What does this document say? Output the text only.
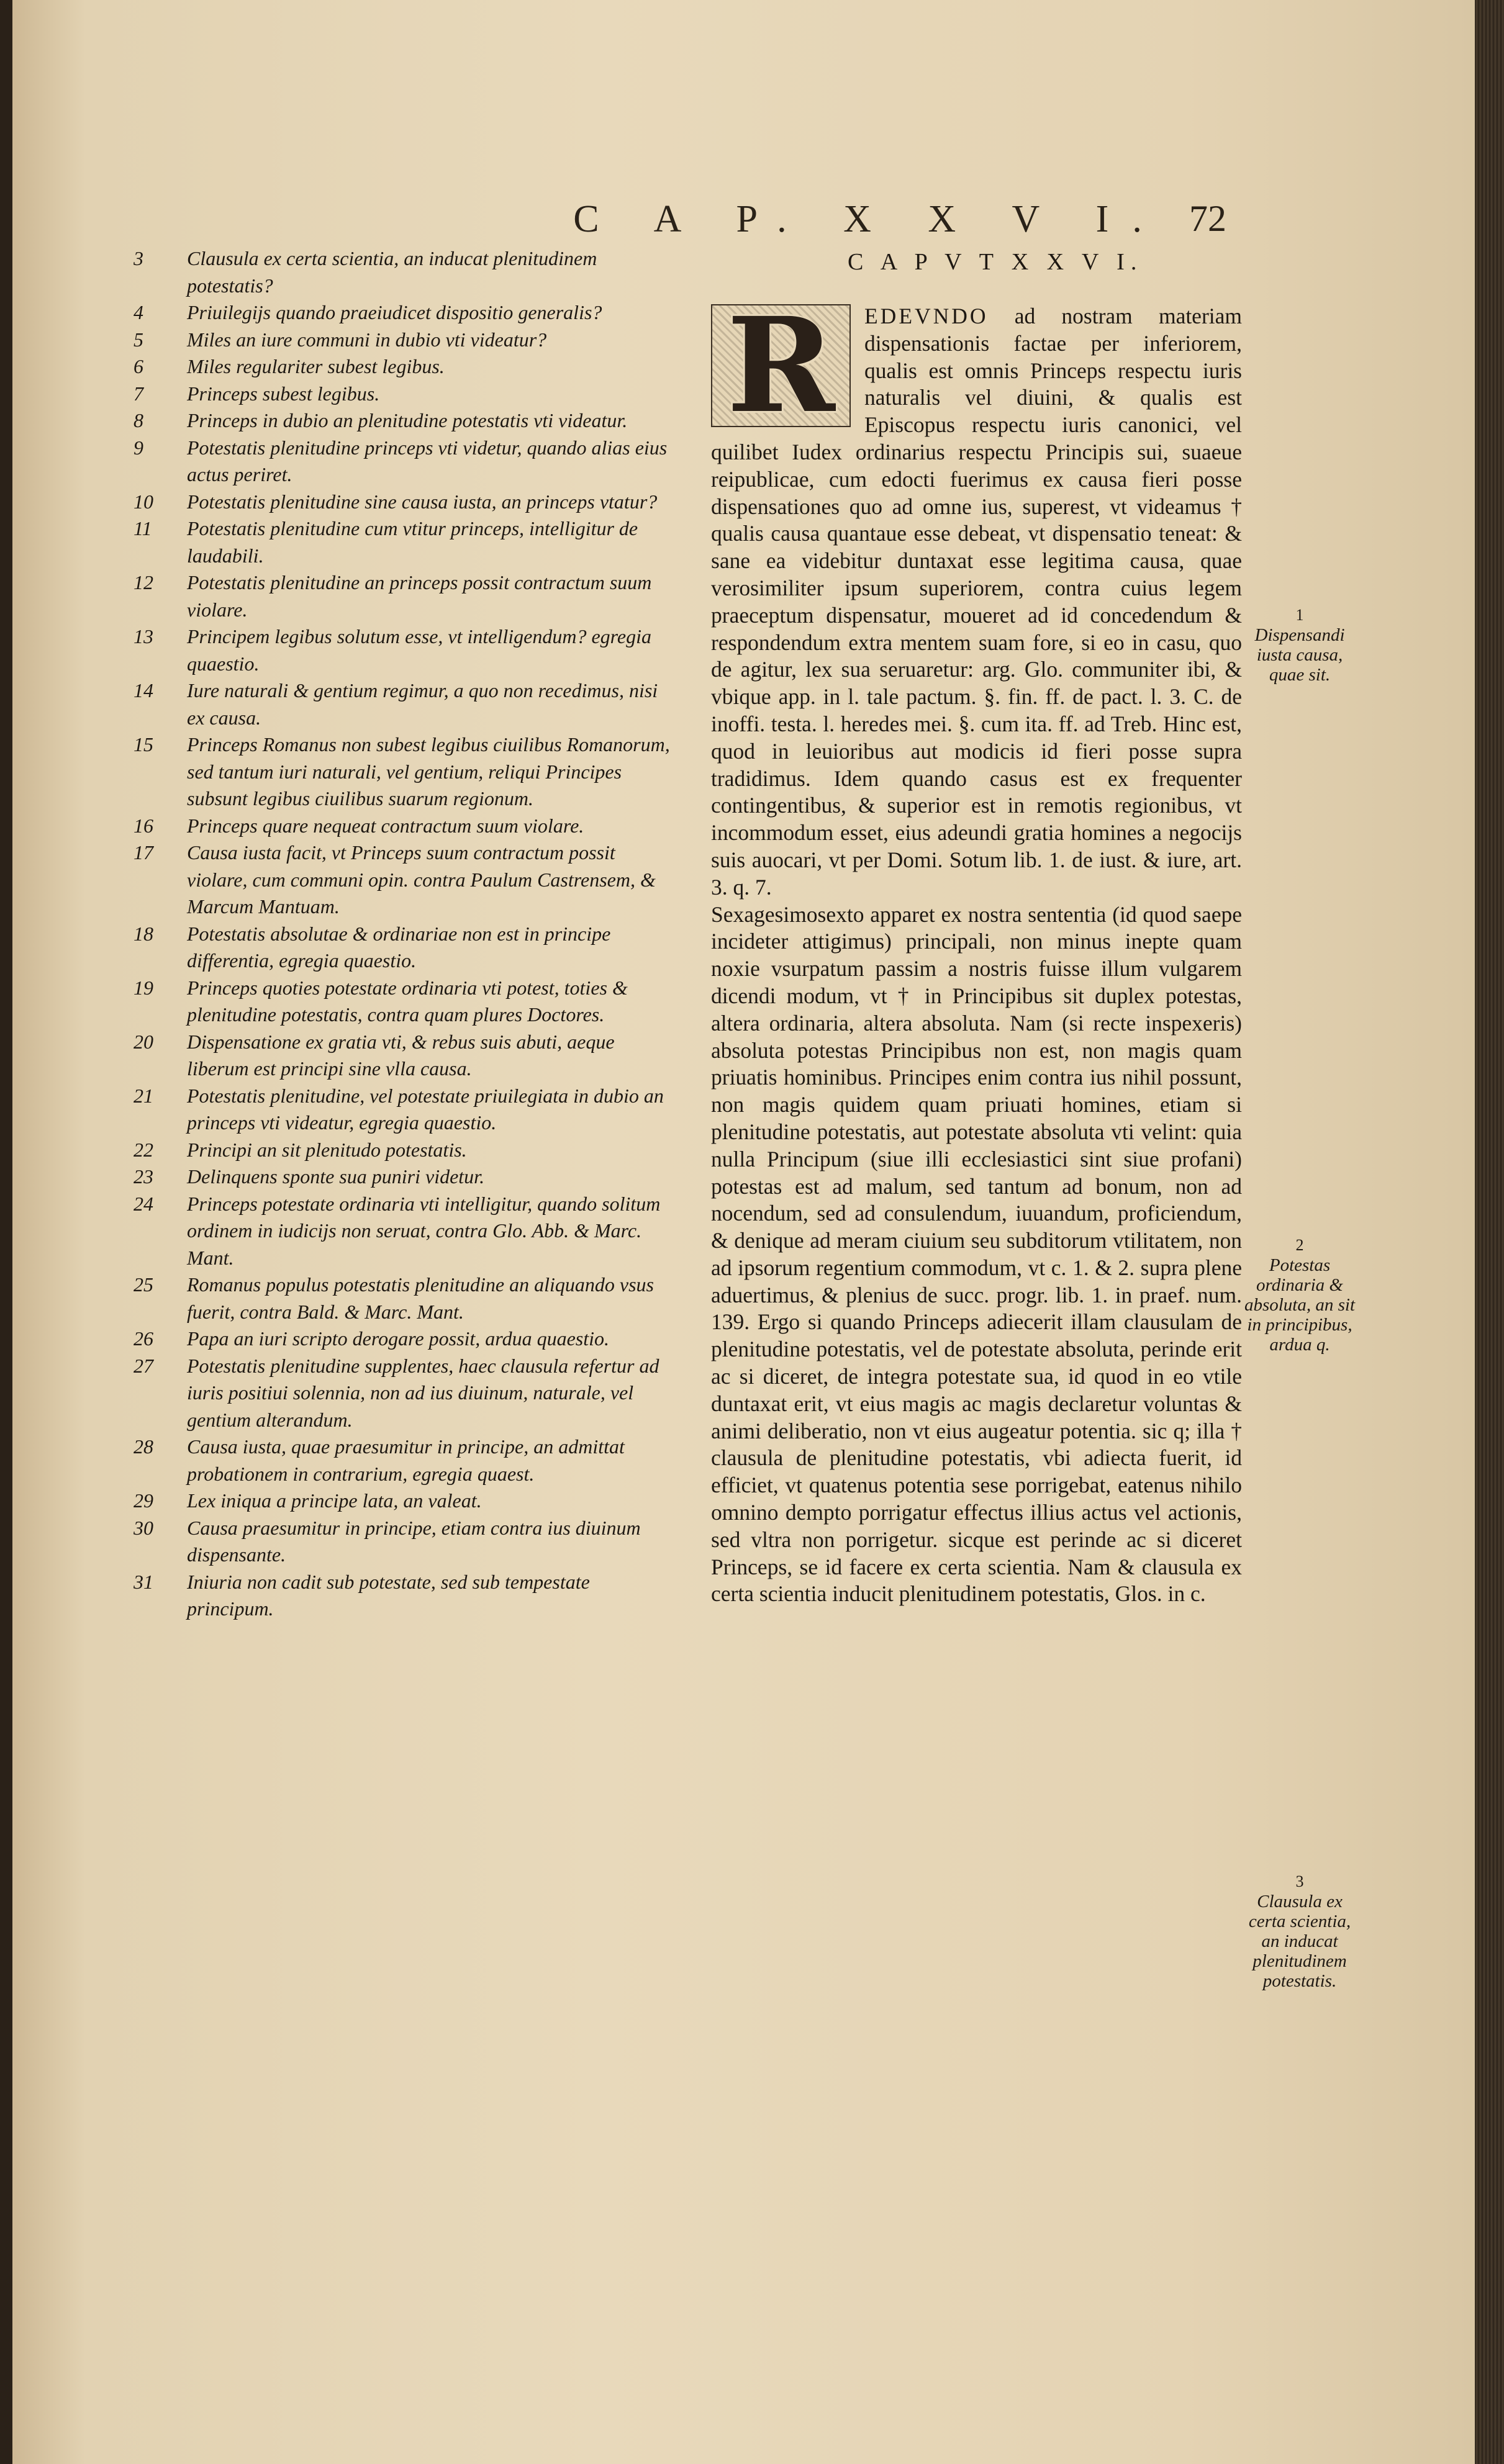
C A P. X X V I. 72
3	Clausula ex certa scientia, an inducat plenitudinem potestatis?
4	Priuilegijs quando praeiudicet dispositio generalis?
5	Miles an iure communi in dubio vti videatur?
6	Miles regulariter subest legibus.
7	Princeps subest legibus.
8	Princeps in dubio an plenitudine potestatis vti videatur.
9	Potestatis plenitudine princeps vti videtur, quando alias eius actus periret.
10	Potestatis plenitudine sine causa iusta, an princeps vtatur?
11	Potestatis plenitudine cum vtitur princeps, intelligitur de laudabili.
12	Potestatis plenitudine an princeps possit contractum suum violare.
13	Principem legibus solutum esse, vt intelligendum? egregia quaestio.
14	Iure naturali & gentium regimur, a quo non recedimus, nisi ex causa.
15	Princeps Romanus non subest legibus ciuilibus Romanorum, sed tantum iuri naturali, vel gentium, reliqui Principes subsunt legibus ciuilibus suarum regionum.
16	Princeps quare nequeat contractum suum violare.
17	Causa iusta facit, vt Princeps suum contractum possit violare, cum communi opin. contra Paulum Castrensem, & Marcum Mantuam.
18	Potestatis absolutae & ordinariae non est in principe differentia, egregia quaestio.
19	Princeps quoties potestate ordinaria vti potest, toties & plenitudine potestatis, contra quam plures Doctores.
20	Dispensatione ex gratia vti, & rebus suis abuti, aeque liberum est principi sine vlla causa.
21	Potestatis plenitudine, vel potestate priuilegiata in dubio an princeps vti videatur, egregia quaestio.
22	Principi an sit plenitudo potestatis.
23	Delinquens sponte sua puniri videtur.
24	Princeps potestate ordinaria vti intelligitur, quando solitum ordinem in iudicijs non seruat, contra Glo. Abb. & Marc. Mant.
25	Romanus populus potestatis plenitudine an aliquando vsus fuerit, contra Bald. & Marc. Mant.
26	Papa an iuri scripto derogare possit, ardua quaestio.
27	Potestatis plenitudine supplentes, haec clausula refertur ad iuris positiui solennia, non ad ius diuinum, naturale, vel gentium alterandum.
28	Causa iusta, quae praesumitur in principe, an admittat probationem in contrarium, egregia quaest.
29	Lex iniqua a principe lata, an valeat.
30	Causa praesumitur in principe, etiam contra ius diuinum dispensante.
31	Iniuria non cadit sub potestate, sed sub tempestate principum.
C A P V T X X V I.
R	EDEVNDO ad nostram materiam dispensationis factae per inferiorem, qualis est omnis Princeps respectu iuris naturalis vel diuini, & qualis est Episcopus respectu iuris canonici, vel quilibet Iudex ordinarius respectu Principis sui, suaeue reipublicae, cum edocti fuerimus ex causa fieri posse dispensationes quo ad omne ius, superest, vt videamus † qualis causa quantaue esse debeat, vt dispensatio teneat: & sane ea videbitur duntaxat esse legitima causa, quae verosimiliter ipsum superiorem, contra cuius legem praeceptum dispensatur, moueret ad id concedendum & respondendum extra mentem suam fore, si eo in casu, quo de agitur, lex sua seruaretur: arg. Glo. communiter ibi, & vbique app. in l. tale pactum. §. fin. ff. de pact. l. 3. C. de inoffi. testa. l. heredes mei. §. cum ita. ff. ad Treb. Hinc est, quod in leuioribus aut modicis id fieri posse supra tradidimus. Idem quando casus est ex frequenter contingentibus, & superior est in remotis regionibus, vt incommodum esset, eius adeundi gratia homines a negocijs suis auocari, vt per Domi. Sotum lib. 1. de iust. & iure, art. 3. q. 7.

Sexagesimosexto apparet ex nostra sententia (id quod saepe incideter attigimus) principali, non minus inepte quam noxie vsurpatum passim a nostris fuisse illum vulgarem dicendi modum, vt † in Principibus sit duplex potestas, altera ordinaria, altera absoluta. Nam (si recte inspexeris) absoluta potestas Principibus non est, non magis quam priuatis hominibus. Principes enim contra ius nihil possunt, non magis quidem quam priuati homines, etiam si plenitudine potestatis, aut potestate absoluta vti velint: quia nulla Principum (siue illi ecclesiastici sint siue profani) potestas est ad malum, sed tantum ad bonum, non ad nocendum, sed ad consulendum, iuuandum, proficiendum, & denique ad meram ciuium seu subditorum vtilitatem, non ad ipsorum regentium commodum, vt c. 1. & 2. supra plene aduertimus, & plenius de succ. progr. lib. 1. in praef. num. 139. Ergo si quando Princeps adiecerit illam clausulam de plenitudine potestatis, vel de potestate absoluta, perinde erit ac si diceret, de integra potestate sua, id quod in eo vtile duntaxat erit, vt eius magis ac magis declaretur voluntas & animi deliberatio, non vt eius augeatur potentia. sic q; illa † clausula de plenitudine potestatis, vbi adiecta fuerit, id efficiet, vt quatenus potentia sese porrigebat, eatenus nihilo omnino dempto porrigatur effectus illius actus vel actionis, sed vltra non porrigetur. sicque est perinde ac si diceret Princeps, se id facere ex certa scientia. Nam & clausula ex certa scientia inducit plenitudinem potestatis, Glos. in c.

1
Dispensandi iusta causa, quae sit.
2
Potestas ordinaria & absoluta, an sit in principibus, ardua q.
3
Clausula ex certa scientia, an inducat plenitudinem potestatis.
